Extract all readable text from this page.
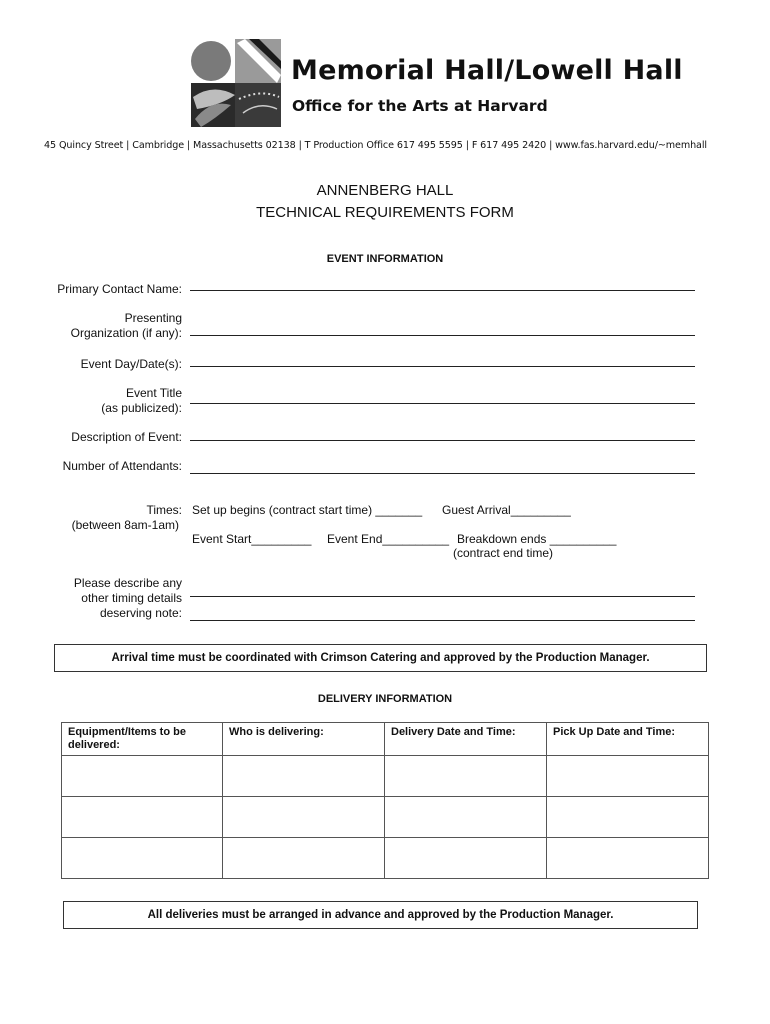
Memorial Hall/Lowell Hall
Office for the Arts at Harvard
45 Quincy Street | Cambridge | Massachusetts 02138 | T Production Office 617 495 5595 | F 617 495 2420 | www.fas.harvard.edu/~memhall
ANNENBERG HALL
TECHNICAL REQUIREMENTS FORM
EVENT INFORMATION
Primary Contact Name:
Presenting
Organization (if any):
Event Day/Date(s):
Event Title
(as publicized):
Description of Event:
Number of Attendants:
Times:
(between 8am-1am)
Set up begins (contract start time) _______ Guest Arrival_________
Event Start_________ Event End__________ Breakdown ends __________
(contract end time)
Please describe any
other timing details
deserving note:
Arrival time must be coordinated with Crimson Catering and approved by the Production Manager.
DELIVERY INFORMATION
Equipment/Items to be delivered:	Who is delivering:	Delivery Date and Time:	Pick Up Date and Time:

All deliveries must be arranged in advance and approved by the Production Manager.
